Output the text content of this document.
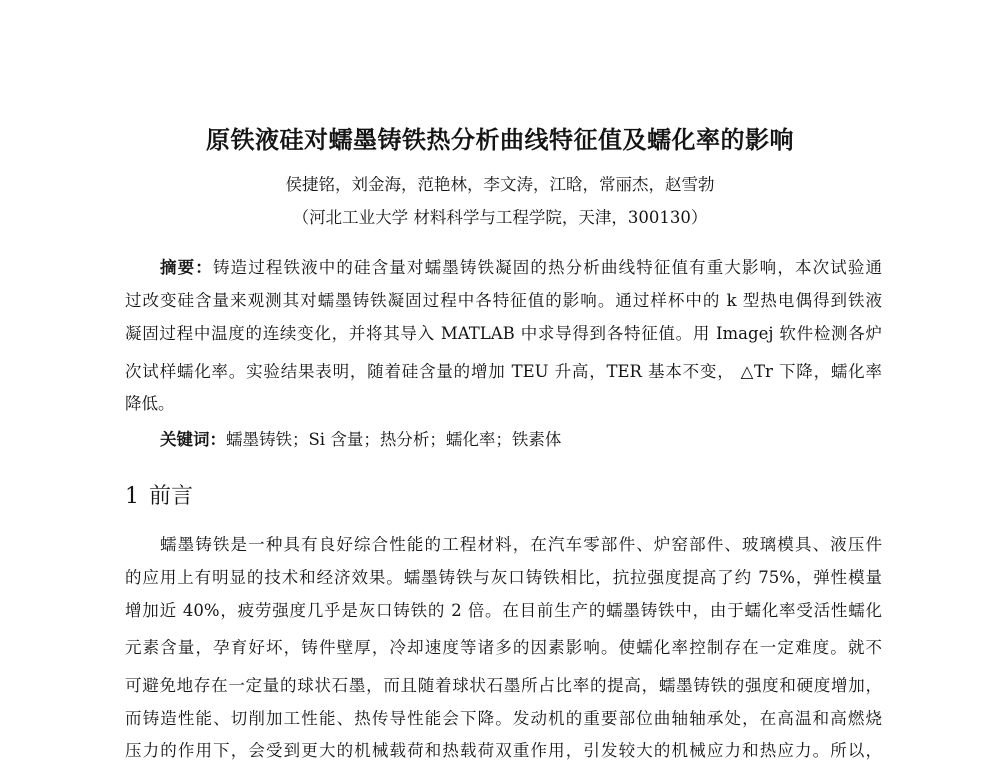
原铁液硅对蠕墨铸铁热分析曲线特征值及蠕化率的影响
侯捷铭，刘金海，范艳林，李文涛，江晗，常丽杰，赵雪勃
（河北工业大学 材料科学与工程学院，天津，300130）
摘要：铸造过程铁液中的硅含量对蠕墨铸铁凝固的热分析曲线特征值有重大影响，本次试验通
过改变硅含量来观测其对蠕墨铸铁凝固过程中各特征值的影响。通过样杯中的 k 型热电偶得到铁液
凝固过程中温度的连续变化，并将其导入 MATLAB 中求导得到各特征值。用 Imagej 软件检测各炉
次试样蠕化率。实验结果表明，随着硅含量的增加 TEU 升高，TER 基本不变， △Tr 下降，蠕化率
降低。
关键词：蠕墨铸铁；Si 含量；热分析；蠕化率；铁素体
1 前言
蠕墨铸铁是一种具有良好综合性能的工程材料，在汽车零部件、炉窑部件、玻璃模具、液压件
的应用上有明显的技术和经济效果。蠕墨铸铁与灰口铸铁相比，抗拉强度提高了约 75%，弹性模量
增加近 40%，疲劳强度几乎是灰口铸铁的 2 倍。在目前生产的蠕墨铸铁中，由于蠕化率受活性蠕化
元素含量，孕育好坏，铸件壁厚，冷却速度等诸多的因素影响。使蠕化率控制存在一定难度。就不
可避免地存在一定量的球状石墨，而且随着球状石墨所占比率的提高，蠕墨铸铁的强度和硬度增加，
而铸造性能、切削加工性能、热传导性能会下降。发动机的重要部位曲轴轴承处，在高温和高燃烧
压力的作用下，会受到更大的机械载荷和热载荷双重作用，引发较大的机械应力和热应力。所以，
